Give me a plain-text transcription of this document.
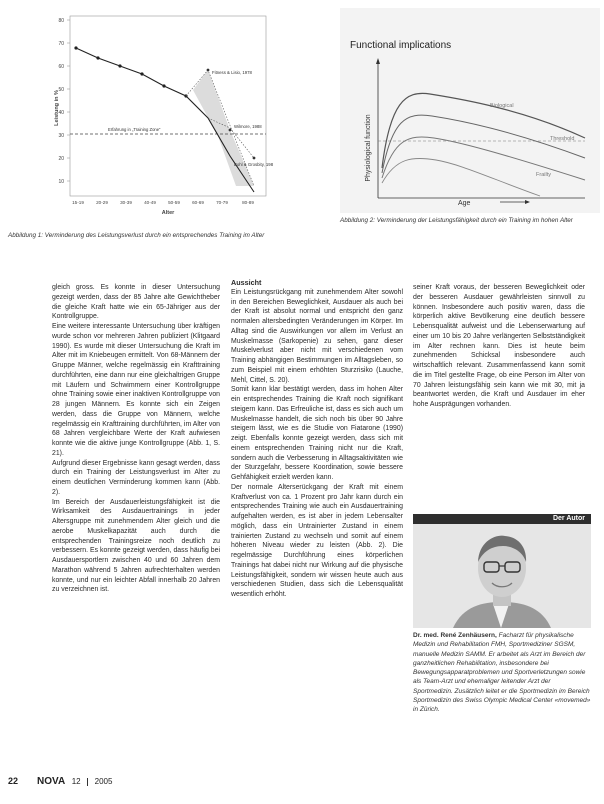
80
70
60
50
40
30
20
10
Leistung in %
Erfahrung in „Training Zone“
Fitness & Lisio, 1978
Wilmore, 1988
Bohl & Grosbity, 1985
15-19	20-29	30-39	40-49	50-59	60-69	70-79	80-89
Alter
Abbildung 1: Verminderung des Leistungsverlust durch ein entsprechendes Training im Alter
Functional implications
Physiological function
Age
Biological
Threshold
Frailty
Abbildung 2: Verminderung der Leistungsfähigkeit durch ein Training im hohen Alter

gleich gross. Es konnte in dieser Untersuchung gezeigt werden, dass der 85 Jahre alte Gewichtheber die gleiche Kraft hatte wie ein 65-Jähriger aus der Kontrollgruppe.

Eine weitere interessante Untersuchung über kräftigen wurde schon vor mehreren Jahren publiziert (Klitgaard 1990). Es wurde mit dieser Untersuchung die Kraft im Alter mit im Kniebeugen ermittelt. Von 68-Männern der Gruppe Männer, welche regelmässig ein Krafttraining durchführten, eine dann nur eine gleichaltrigen Gruppe mit Läufern und Schwimmern einer Kontrollgruppe ohne Training sowie einer inaktiven Kontrollgruppe von 28 jungen Männern. Es konnte sich ein Zeigen werden, dass die Gruppe von Männern, welche regelmässig ein Krafttraining durchführten, im Alter von 68 Jahren vergleichbare Werte der Kraft aufwiesen konnte wie die aktive junge Kontrollgruppe (Abb. 1, S. 21).

Aufgrund dieser Ergebnisse kann gesagt werden, dass durch ein Training der Leistungsverlust im Alter zu einem deutlichen Verminderung kommen kann (Abb. 2).

Im Bereich der Ausdauerleistungsfähigkeit ist die Wirksamkeit des Ausdauertrainings in jeder Altersgruppe mit zunehmendem Alter gleich und die aerobe Muskelkapazität auch durch die entsprechenden Trainingsreize noch deutlich zu verbessern. Es konnte gezeigt werden, dass häufig bei Ausdauersportlern zwischen 40 und 60 Jahren dem Marathon während 5 Jahren aufrechterhalten werden konnte, und nur ein leichter Abfall innerhalb 20 Jahren zu verzeichnen ist.

Aussicht

Ein Leistungsrückgang mit zunehmendem Alter sowohl in den Bereichen Beweglichkeit, Ausdauer als auch bei der Kraft ist absolut normal und entspricht den ganz normalen altersbedingten Veränderungen im Körper. Im Alltag sind die Auswirkungen vor allem im Verlust an Muskelmasse (Sarkopenie) zu sehen, ganz dieser Muskelverlust aber nicht mit verschiedenen vom Training abhängigen Bestimmungen im Alltagsleben, so zum Beispiel mit einem erhöhten Sturzrisiko (Lauche, Mehl, Cittel, S. 20).

Somit kann klar bestätigt werden, dass im hohen Alter ein entsprechendes Training die Kraft noch signifikant steigern kann. Das Erfreuliche ist, dass es sich auch um Muskelmasse handelt, die sich noch bis über 90 Jahre steigern lässt, wie es die Studie von Fiatarone (1990) zeigt. Ebenfalls konnte gezeigt werden, dass sich mit einem entsprechenden Training nicht nur die Kraft, sondern auch die Verbesserung in Alltagsaktivitäten wie der Sturzgefahr, bessere Koordination, sowie bessere Gehfähigkeit erzielt werden kann.

Der normale Alterserückgang der Kraft mit einem Kraftverlust von ca. 1 Prozent pro Jahr kann durch ein entsprechendes Training wie auch ein Ausdauertraining aufgehalten werden, es ist aber in jedem Lebensalter möglich, dass ein Untrainierter Zustand in einem trainierten Zustand zu wechseln und somit auf einem höheren Niveau wieder zu leisten (Abb. 2). Die regelmässige Durchführung eines körperlichen Trainings hat dabei nicht nur Wirkung auf die physische Leistungsfähigkeit, sondern wir wissen heute auch aus verschiedenen Studien, dass sich die Lebensqualität wesentlich erhöht.

seiner Kraft voraus, der besseren Beweglichkeit oder der besseren Ausdauer gewährleisten sinnvoll zu können. Insbesondere auch positiv waren, dass die körperlich aktive Bevölkerung eine deutlich bessere Lebensqualität aufweist und die Lebenserwartung auf einer um 10 bis 20 Jahre verlängerten Selbstständigkeit im Alter rechnen kann. Dies ist heute beim zunehmenden Schicksal insbesondere auch wirtschaftlich relevant. Zusammenfassend kann somit die im Titel gestellte Frage, ob eine Person im Alter von 70 Jahren leistungsfähig sein kann wie mit 30, mit ja beantwortet werden, die Kraft und Ausdauer im eher hohe Ausprägungen vorhanden.

Der Autor
Dr. med. René Zenhäusern, Facharzt für physikalische Medizin und Rehabilitation FMH, Sportmediziner SGSM, manuelle Medizin SAMM. Er arbeitet als Arzt im Bereich der ganzheitlichen Rehabilitation, insbesondere bei Bewegungsapparatproblemen und Sportverletzungen sowie als Team-Arzt und ehemaliger leitender Arzt der Sportmedizin. Zusätzlich leitet er die Sportmedizin im Bereich Sportmedizin des Swiss Olympic Medical Center «movemed» in Zürich.
22 NOVA 12 2005
